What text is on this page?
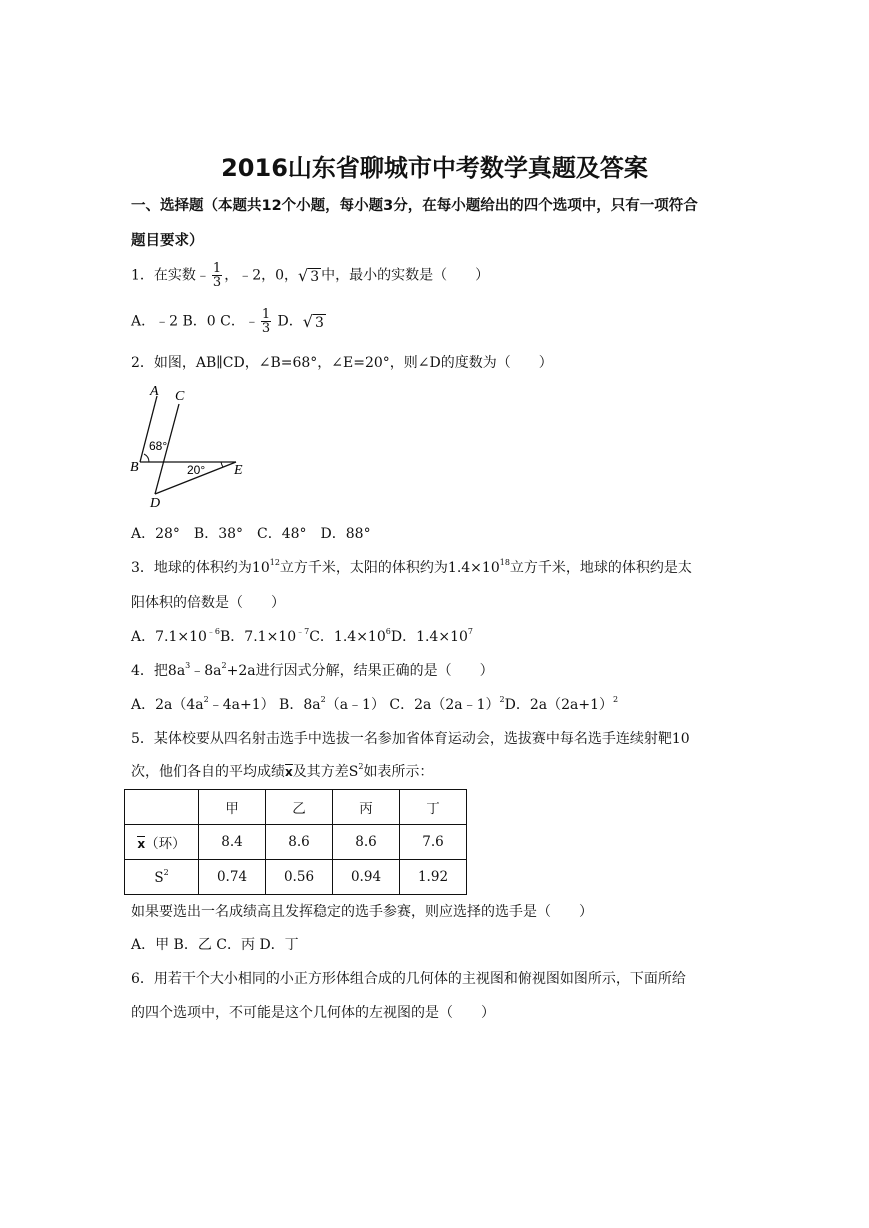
2016山东省聊城市中考数学真题及答案
一、选择题（本题共12个小题，每小题3分，在每小题给出的四个选项中，只有一项符合
题目要求）
1．在实数﹣ $\frac{1}{3}$ ，﹣2，0，√ 3 中，最小的实数是（　　）
A．﹣2 B．0 C．﹣ $\frac{1}{3}$ D．√ 3
2．如图，AB∥CD，∠B=68°，∠E=20°，则∠D的度数为（　　）
A C
B
D
E
68°
20°
A．28°　B．38°　C．48°　D．88°
3．地球的体积约为$10^{12}$立方千米，太阳的体积约为$1.4\times 10^{18}$立方千米，地球的体积约是太
阳体积的倍数是（　　）
A．$7.1\times 10^{﹣6}B$．$7.1\times 10^{﹣7}C$．$1.4\times 10^6D$．$1.4\times 10^7$
4．把$8a^3﹣8a^2+2a$进行因式分解，结果正确的是（　　）
A．$2a(4a^2﹣4a+1)$ B．$8a^2(a﹣1)$ C．2a（2a﹣1）$^2$D．$2a(2a+1)^2$
5．某体校要从四名射击选手中选拔一名参加省体育运动会，选拔赛中每名选手连续射靶10
次，他们各自的平均成绩x及其方差$S^2$如表所示：
	甲	乙	丙	丁
x（环）	8.4	8.6	8.6	7.6
$S^2$	0.74	0.56	0.94	1.92
如果要选出一名成绩高且发挥稳定的选手参赛，则应选择的选手是（　　）
A．甲 B．乙 C．丙 D．丁
6．用若干个大小相同的小正方形体组合成的几何体的主视图和俯视图如图所示，下面所给
的四个选项中，不可能是这个几何体的左视图的是（　　）
